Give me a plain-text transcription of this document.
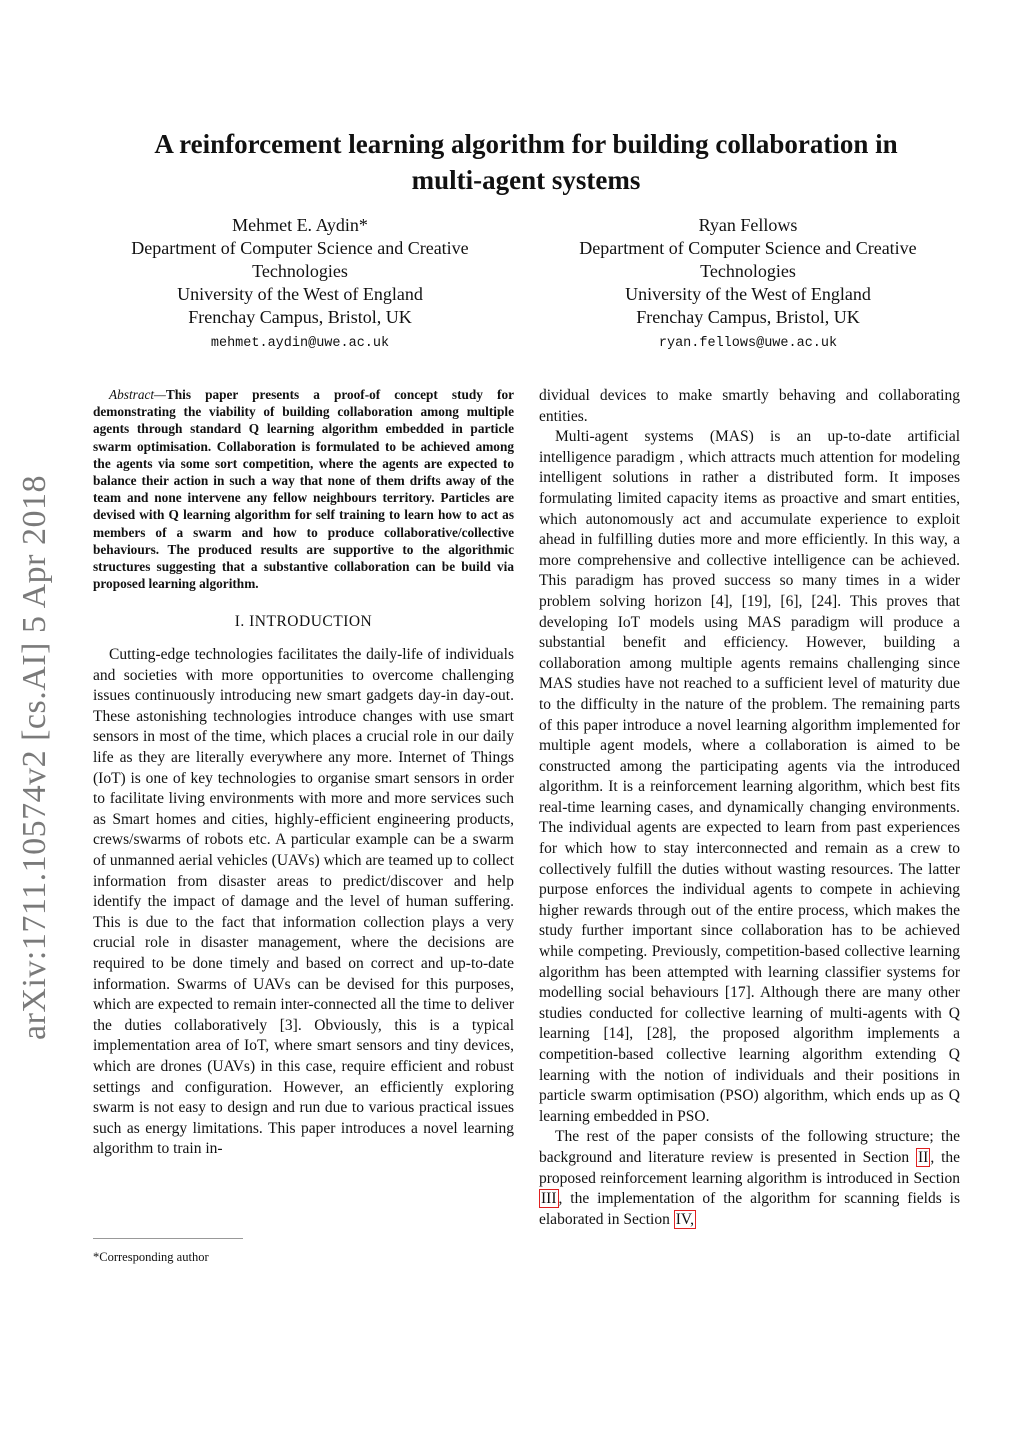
arXiv:1711.10574v2 [cs.AI] 5 Apr 2018
A reinforcement learning algorithm for building collaboration in
multi-agent systems
Mehmet E. Aydin*
Department of Computer Science and Creative
Technologies
University of the West of England
Frenchay Campus, Bristol, UK
mehmet.aydin@uwe.ac.uk
Ryan Fellows
Department of Computer Science and Creative
Technologies
University of the West of England
Frenchay Campus, Bristol, UK
ryan.fellows@uwe.ac.uk

Abstract—This paper presents a proof-of concept study for demonstrating the viability of building collaboration among multiple agents through standard Q learning algorithm embedded in particle swarm optimisation. Collaboration is formulated to be achieved among the agents via some sort competition, where the agents are expected to balance their action in such a way that none of them drifts away of the team and none intervene any fellow neighbours territory. Particles are devised with Q learning algorithm for self training to learn how to act as members of a swarm and how to produce collaborative/collective behaviours. The produced results are supportive to the algorithmic structures suggesting that a substantive collaboration can be build via proposed learning algorithm.

I. INTRODUCTION

Cutting-edge technologies facilitates the daily-life of individuals and societies with more opportunities to overcome challenging issues continuously introducing new smart gadgets day-in day-out. These astonishing technologies introduce changes with use smart sensors in most of the time, which places a crucial role in our daily life as they are literally everywhere any more. Internet of Things (IoT) is one of key technologies to organise smart sensors in order to facilitate living environments with more and more services such as Smart homes and cities, highly-efficient engineering products, crews/swarms of robots etc. A particular example can be a swarm of unmanned aerial vehicles (UAVs) which are teamed up to collect information from disaster areas to predict/discover and help identify the impact of damage and the level of human suffering. This is due to the fact that information collection plays a very crucial role in disaster management, where the decisions are required to be done timely and based on correct and up-to-date information. Swarms of UAVs can be devised for this purposes, which are expected to remain inter-connected all the time to deliver the duties collaboratively [3]. Obviously, this is a typical implementation area of IoT, where smart sensors and tiny devices, which are drones (UAVs) in this case, require efficient and robust settings and configuration. However, an efficiently exploring swarm is not easy to design and run due to various practical issues such as energy limitations. This paper introduces a novel learning algorithm to train in-

dividual devices to make smartly behaving and collaborating entities.

Multi-agent systems (MAS) is an up-to-date artificial intelligence paradigm , which attracts much attention for modeling intelligent solutions in rather a distributed form. It imposes formulating limited capacity items as proactive and smart entities, which autonomously act and accumulate experience to exploit ahead in fulfilling duties more and more efficiently. In this way, a more comprehensive and collective intelligence can be achieved. This paradigm has proved success so many times in a wider problem solving horizon [4], [19], [6], [24]. This proves that developing IoT models using MAS paradigm will produce a substantial benefit and efficiency. However, building a collaboration among multiple agents remains challenging since MAS studies have not reached to a sufficient level of maturity due to the difficulty in the nature of the problem. The remaining parts of this paper introduce a novel learning algorithm implemented for multiple agent models, where a collaboration is aimed to be constructed among the participating agents via the introduced algorithm. It is a reinforcement learning algorithm, which best fits real-time learning cases, and dynamically changing environments. The individual agents are expected to learn from past experiences for which how to stay interconnected and remain as a crew to collectively fulfill the duties without wasting resources. The latter purpose enforces the individual agents to compete in achieving higher rewards through out of the entire process, which makes the study further important since collaboration has to be achieved while competing. Previously, competition-based collective learning algorithm has been attempted with learning classifier systems for modelling social behaviours [17]. Although there are many other studies conducted for collective learning of multi-agents with Q learning [14], [28], the proposed algorithm implements a competition-based collective learning algorithm extending Q learning with the notion of individuals and their positions in particle swarm optimisation (PSO) algorithm, which ends up as Q learning embedded in PSO.

The rest of the paper consists of the following structure; the background and literature review is presented in Section II , the proposed reinforcement learning algorithm is introduced in Section III , the implementation of the algorithm for scanning fields is elaborated in Section IV,

*Corresponding author
